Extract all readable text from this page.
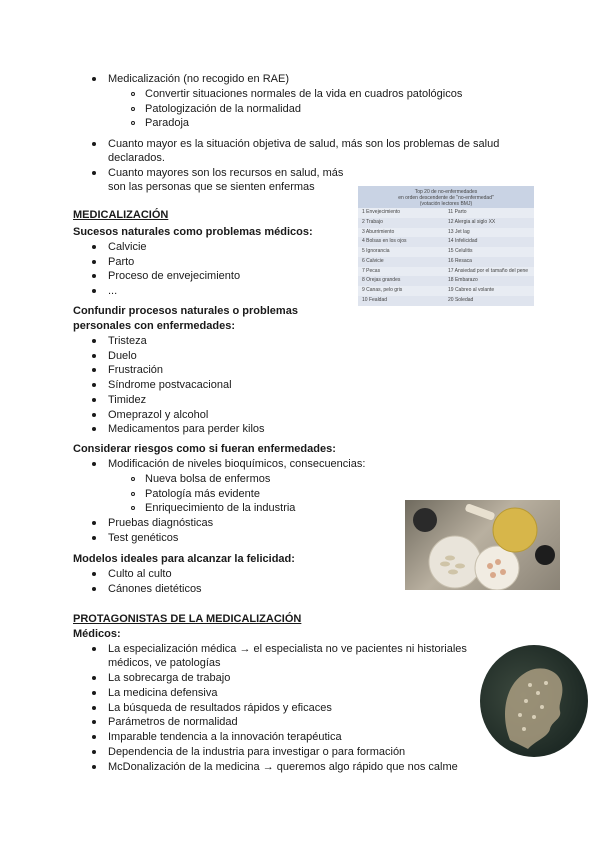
Medicalización (no recogido en RAE)
Convertir situaciones normales de la vida en cuadros patológicos
Patologización de la normalidad
Paradoja
Cuanto mayor es la situación objetiva de salud, más son los problemas de salud
declarados.
Cuanto mayores son los recursos en salud, más
son las personas que se sienten enfermas	Top 20 de no-enfermedades
en orden descendente de "no-enfermedad"
(votación lectores BMJ)
1 Envejecimiento	11 Parto
2 Trabajo	12 Alergia al siglo XX
3 Aburrimiento	13 Jet lag
4 Bolsas en los ojos	14 Infelicidad
5 Ignorancia	15 Celulitis
6 Calvicie	16 Resaca
7 Pecas	17 Ansiedad por el tamaño del pene
8 Orejas grandes	18 Embarazo
9 Canas, pelo gris	19 Cabreo al volante
10 Fealdad	20 Soledad
MEDICALIZACIÓN
Sucesos naturales como problemas médicos:
Calvicie
Parto
Proceso de envejecimiento
...
Confundir procesos naturales o problemas
personales con enfermedades:
Tristeza
Duelo
Frustración
Síndrome postvacacional
Timidez
Omeprazol y alcohol
Medicamentos para perder kilos
Considerar riesgos como si fueran enfermedades:
Modificación de niveles bioquímicos, consecuencias:
Nueva bolsa de enfermos
Patología más evidente
Enriquecimiento de la industria
Pruebas diagnósticas
Test genéticos
Modelos ideales para alcanzar la felicidad:
Culto al culto
Cánones dietéticos
PROTAGONISTAS DE LA MEDICALIZACIÓN
Médicos:
La especialización médica → el especialista no ve pacientes ni historiales
médicos, ve patologías
La sobrecarga de trabajo
La medicina defensiva
La búsqueda de resultados rápidos y eficaces
Parámetros de normalidad
Imparable tendencia a la innovación terapéutica
Dependencia de la industria para investigar o para formación
McDonalización de la medicina → queremos algo rápido que nos calme
